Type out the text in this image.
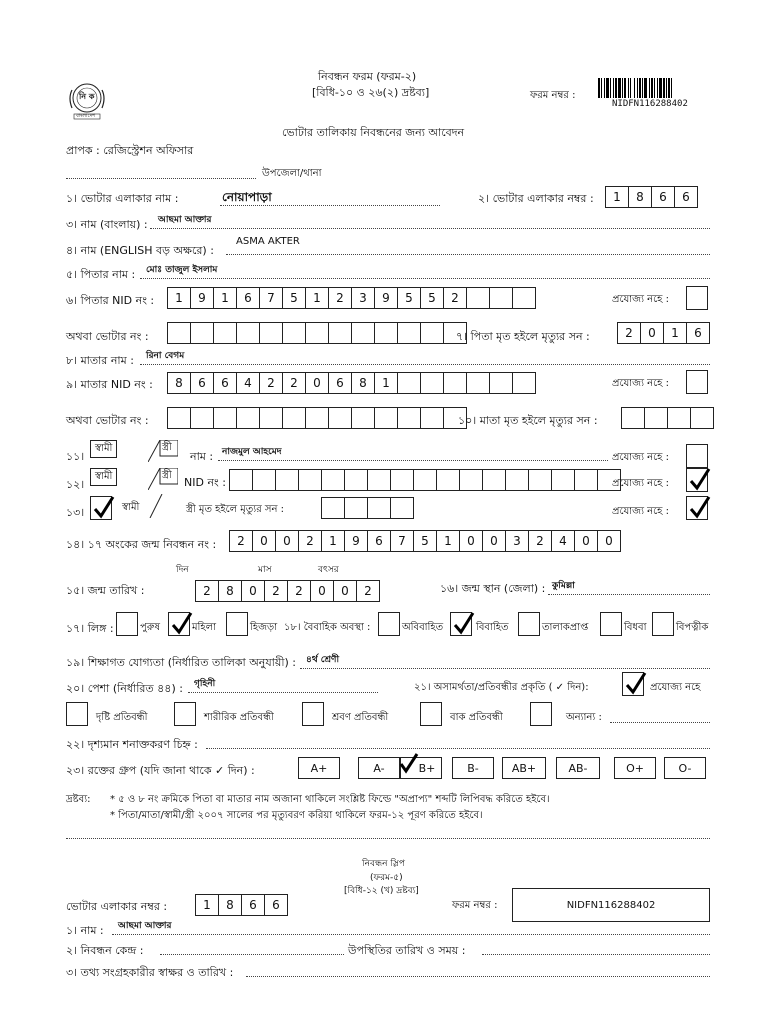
নিবন্ধন ফরম (ফরম-২)
[বিধি-১০ ও ২৬(২) দ্রষ্টব্য]
নি ক
বাংলাদেশ
ফরম নম্বর :
NIDFN116288402
ভোটার তালিকায় নিবন্ধনের জন্য আবেদন
প্রাপক : রেজিস্ট্রেশন অফিসার
উপজেলা/থানা
১। ভোটার এলাকার নাম :	নোয়াপাড়া	২। ভোটার এলাকার নম্বর :	1	8	6	6
৩। নাম (বাংলায়) : আছমা আক্তার
৪। নাম (ENGLISH বড় অক্ষরে) :
ASMA AKTER
৫। পিতার নাম : মোঃ তাজুল ইসলাম
৬। পিতার NID নং :	1	9	1	6	7	5	1	2	3	9	5	5	2	প্রযোজ্য নহে :
অথবা ভোটার নং :	৭। পিতা মৃত হইলে মৃত্যুর সন :	2	0	1	6
৮। মাতার নাম : রিনা বেগম
৯। মাতার NID নং :	8	6	6	4	2	2	0	6	8	1	প্রযোজ্য নহে :
অথবা ভোটার নং :	১০। মাতা মৃত হইলে মৃত্যুর সন :
১১।
স্বামী	স্ত্রী
নাম : নাজমুল আহমেদ	প্রযোজ্য নহে :
১২।
স্বামী	স্ত্রী
NID নং :	প্রযোজ্য নহে :
১৩।	স্বামী	স্ত্রী মৃত হইলে মৃত্যুর সন :	প্রযোজ্য নহে :
১৪। ১৭ অংকের জন্ম নিবন্ধন নং :	2	0	0	2	1	9	6	7	5	1	0	0	3	2	4	0	0
দিন	মাস	বৎসর
১৫। জন্ম তারিখ :	2	8	0	2	2	0	0	2	১৬। জন্ম স্থান (জেলা) : কুমিল্লা
১৭। লিঙ্গ :	পুরুষ	মহিলা	হিজড়া ১৮। বৈবাহিক অবস্থা :	অবিবাহিত	বিবাহিত	তালাকপ্রাপ্ত	বিধবা	বিপত্নীক
১৯। শিক্ষাগত যোগ্যতা (নির্ধারিত তালিকা অনুযায়ী) : ৪র্থ শ্রেণী
২০। পেশা (নির্ধারিত ৪৪) : গৃহিনী	২১। অসামর্থতা/প্রতিবন্ধীর প্রকৃতি ( ✓ দিন):	প্রযোজ্য নহে
দৃষ্টি প্রতিবন্ধী	শারীরিক প্রতিবন্ধী	শ্রবণ প্রতিবন্ধী	বাক প্রতিবন্ধী	অন্যান্য :
২২। দৃশ্যমান শনাক্তকরণ চিহ্ন :
২৩। রক্তের গ্রুপ (যদি জানা থাকে ✓ দিন) :	A+	A-	B+	B-	AB+	AB-	O+	O-
দ্রষ্টব্য: * ৫ ও ৮ নং ক্রমিকে পিতা বা মাতার নাম অজানা থাকিলে সংশ্লিষ্ট ফিল্ডে "অপ্রাপ্য" শব্দটি লিপিবদ্ধ করিতে হইবে।
* পিতা/মাতা/স্বামী/স্ত্রী ২০০৭ সালের পর মৃত্যুবরণ করিয়া থাকিলে ফরম-১২ পূরণ করিতে হইবে।
নিবন্ধন স্লিপ
(ফরম-৫)
[বিধি-১২ (খ) দ্রষ্টব্য]
ভোটার এলাকার নম্বর :	1	8	6	6	ফরম নম্বর :	NIDFN116288402
১। নাম : আছমা আক্তার
২। নিবন্ধন কেন্দ্র :	উপস্থিতির তারিখ ও সময় :
৩। তথ্য সংগ্রহকারীর স্বাক্ষর ও তারিখ :
